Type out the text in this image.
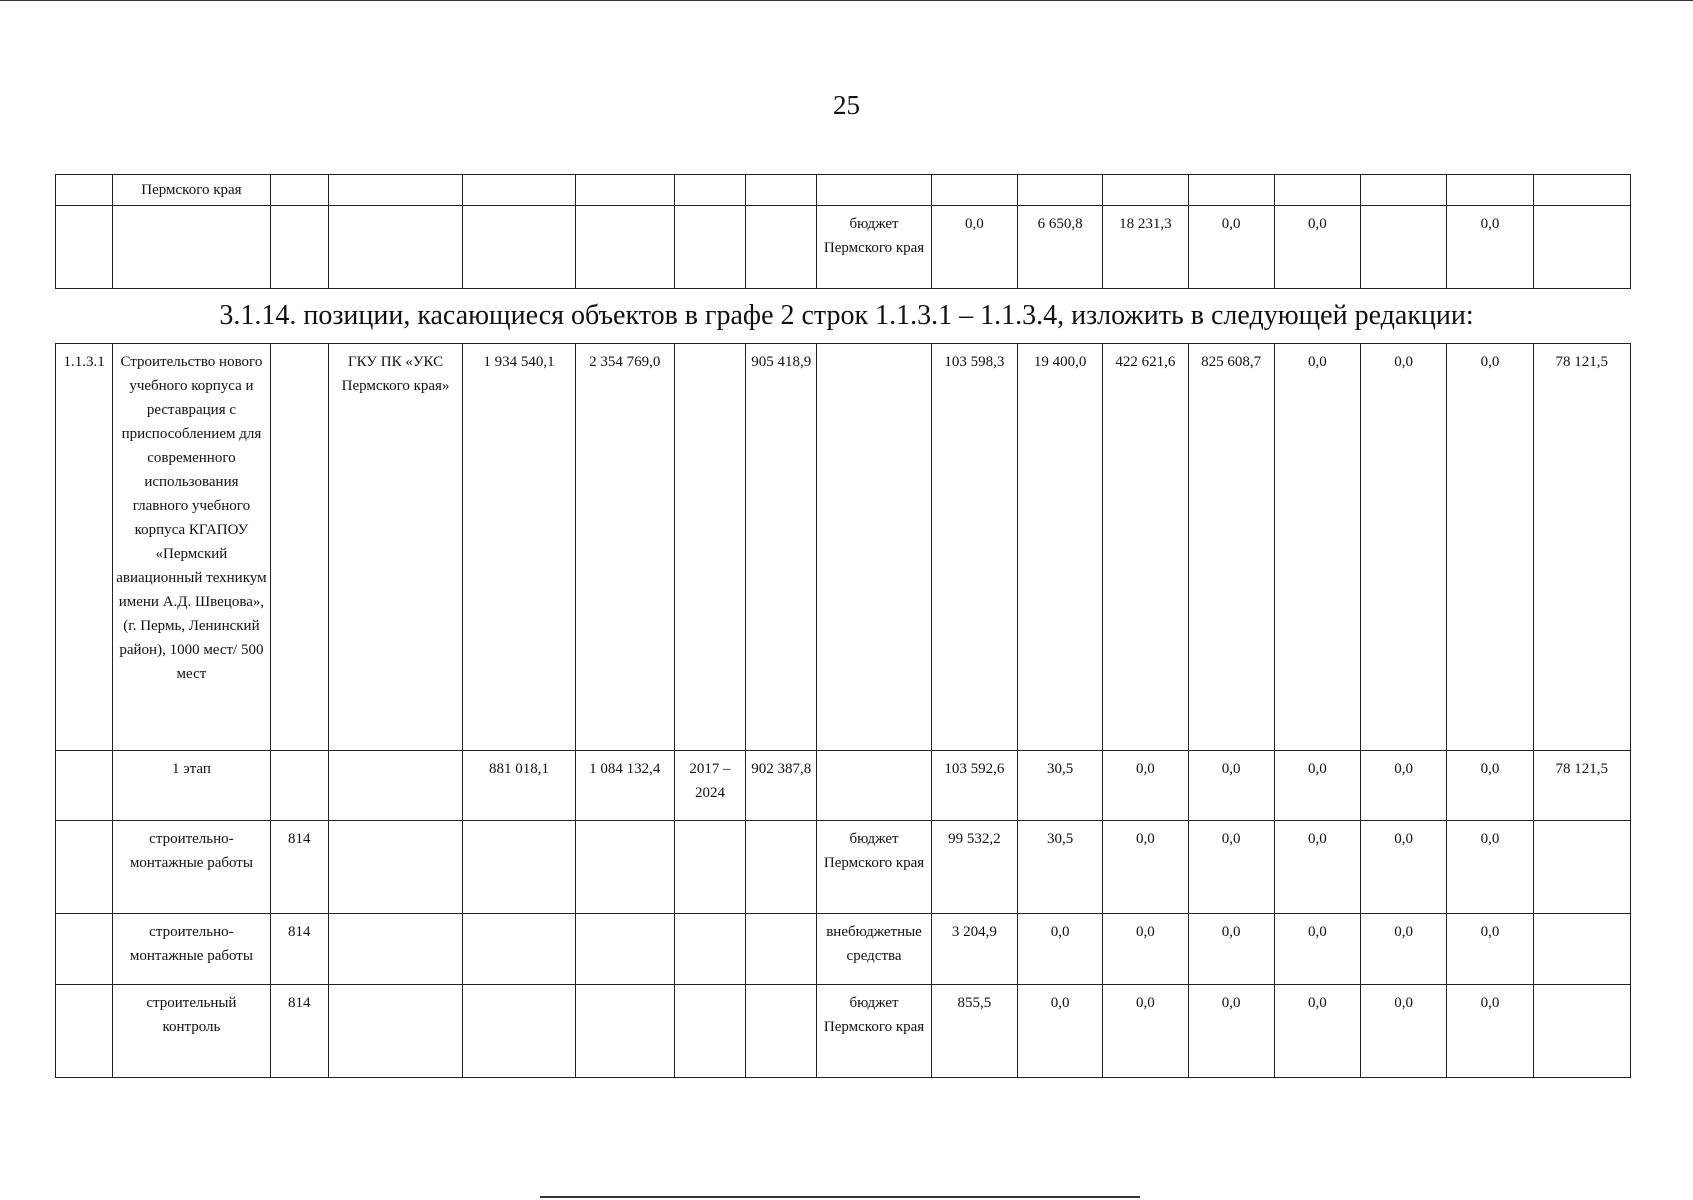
25
	Пермского края															
								бюджет Пермского края	0,0	6 650,8	18 231,3	0,0	0,0		0,0	
3.1.14. позиции, касающиеся объектов в графе 2 строк 1.1.3.1 – 1.1.3.4, изложить в следующей редакции:
1.1.3.1	Строительство нового учебного корпуса и реставрация с приспособлением для современного использования главного учебного корпуса КГАПОУ «Пермский авиационный техникум имени А.Д. Швецова», (г. Пермь, Ленинский район), 1000 мест/ 500 мест		ГКУ ПК «УКС Пермского края»	1 934 540,1	2 354 769,0		905 418,9		103 598,3	19 400,0	422 621,6	825 608,7	0,0	0,0	0,0	78 121,5
	1 этап			881 018,1	1 084 132,4	2017 – 2024	902 387,8		103 592,6	30,5	0,0	0,0	0,0	0,0	0,0	78 121,5
	строительно-монтажные работы	814						бюджет Пермского края	99 532,2	30,5	0,0	0,0	0,0	0,0	0,0	
	строительно-монтажные работы	814						внебюджетные средства	3 204,9	0,0	0,0	0,0	0,0	0,0	0,0	
	строительный контроль	814						бюджет Пермского края	855,5	0,0	0,0	0,0	0,0	0,0	0,0	
